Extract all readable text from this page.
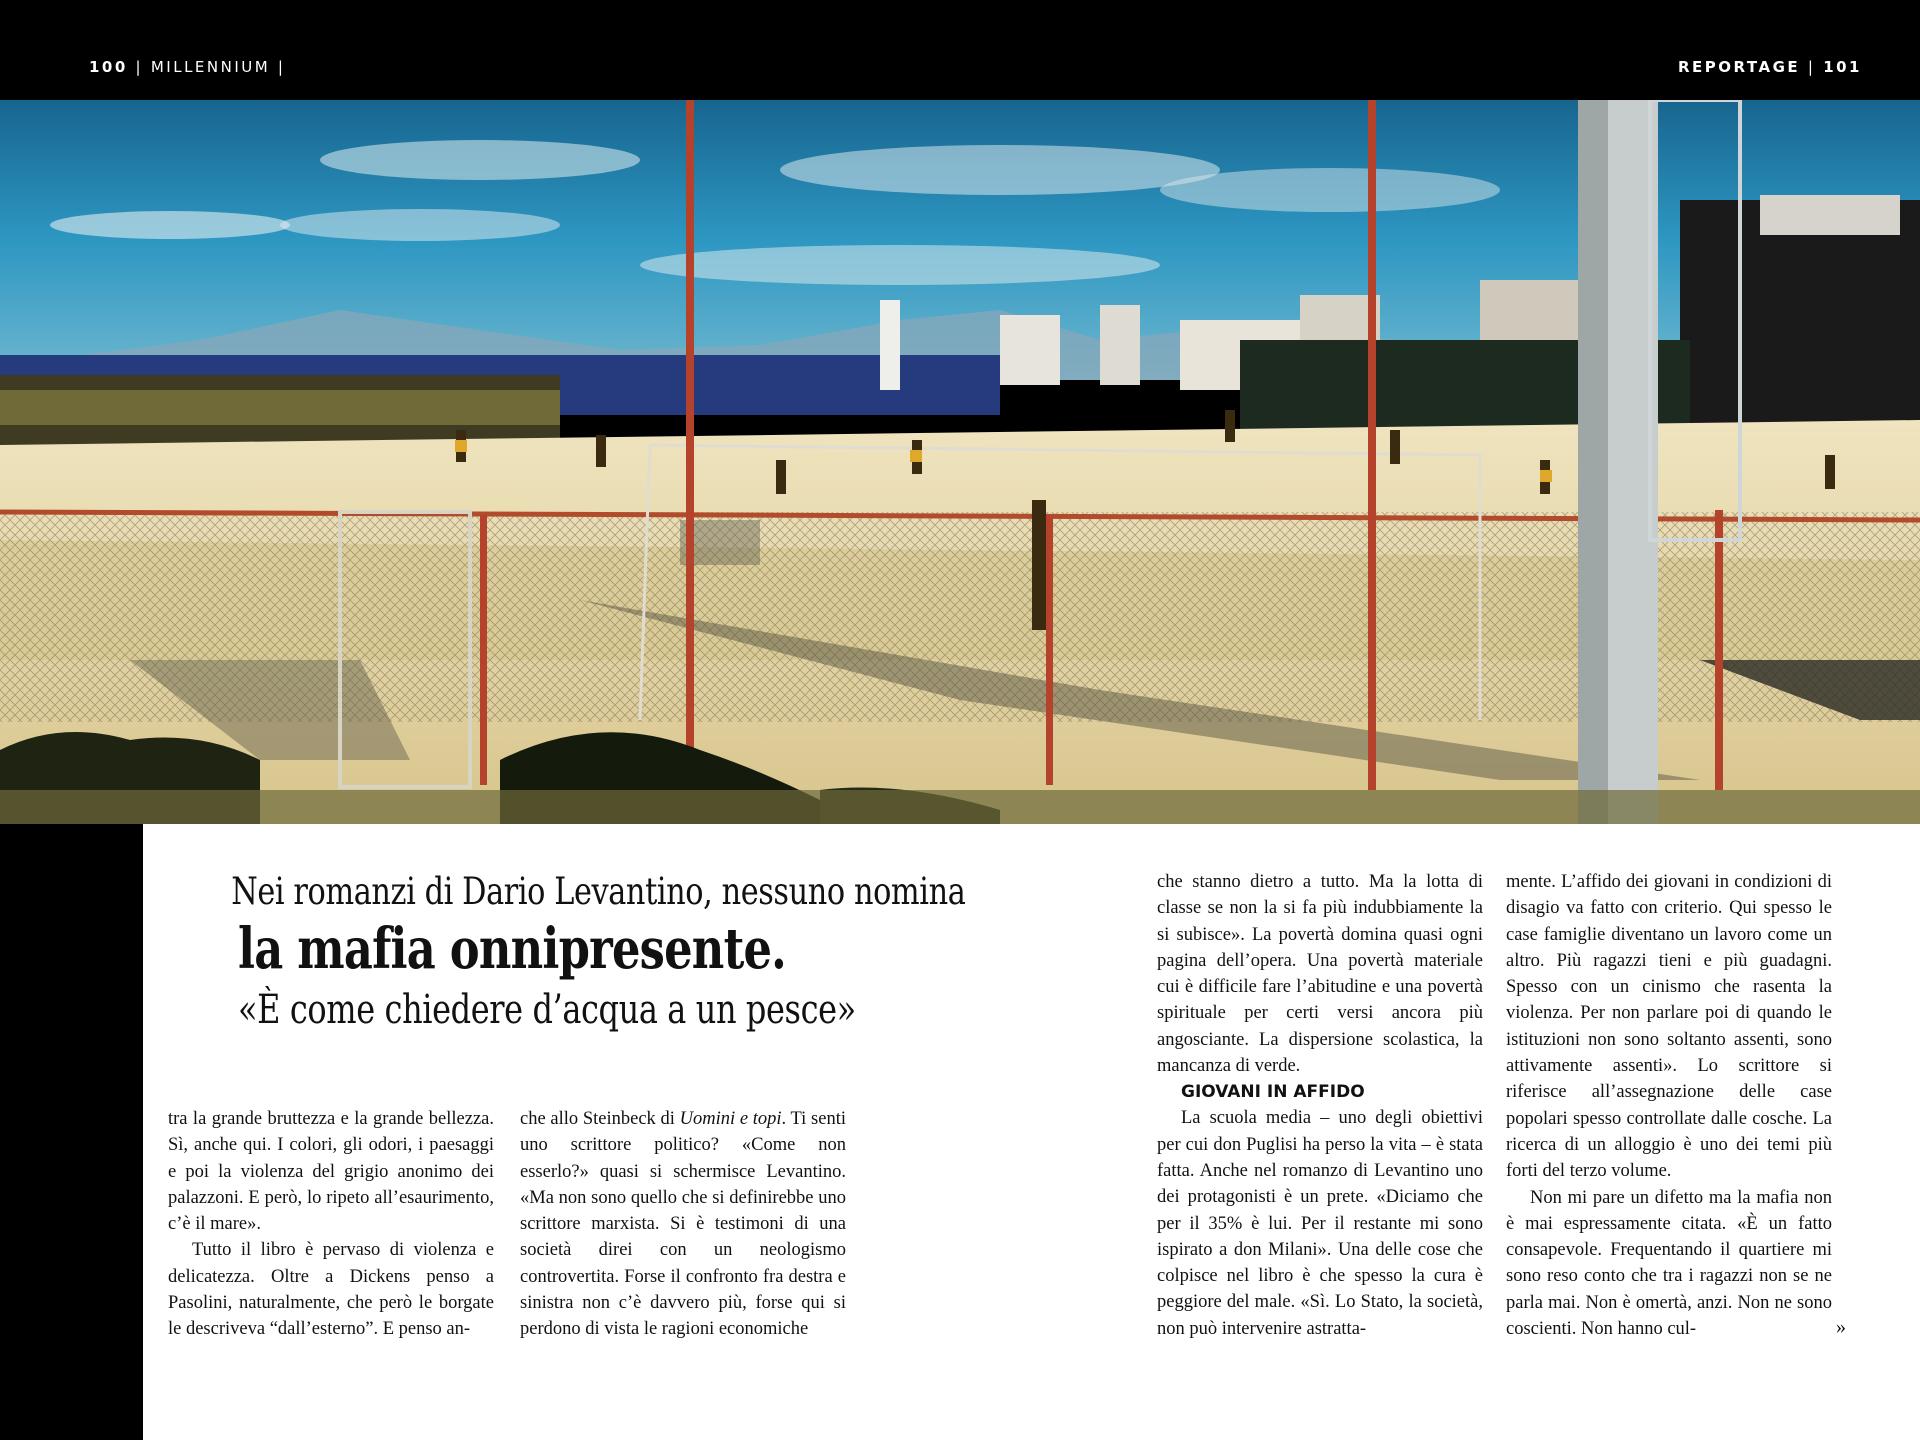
100 | MILLENNIUM |	REPORTAGE | 101
Nei romanzi di Dario Levantino, nessuno nomina
la mafia onnipresente.
«È come chiedere d’acqua a un pesce»

tra la grande bruttezza e la grande bellezza. Sì, anche qui. I colori, gli odori, i paesaggi e poi la violenza del grigio anonimo dei palazzoni. E però, lo ripeto all’esaurimento, c’è il mare».

Tutto il libro è pervaso di violenza e delicatezza. Oltre a Dickens penso a Pasolini, naturalmente, che però le borgate le descriveva “dall’esterno”. E penso an-

che allo Steinbeck di Uomini e topi. Ti senti uno scrittore politico? «Come non esserlo?» quasi si schermisce Levantino. «Ma non sono quello che si definirebbe uno scrittore marxista. Si è testimoni di una società direi con un neologismo controvertita. Forse il confronto fra destra e sinistra non c’è davvero più, forse qui si perdono di vista le ragioni economiche

che stanno dietro a tutto. Ma la lotta di classe se non la si fa più indubbiamente la si subisce». La povertà domina quasi ogni pagina dell’opera. Una povertà materiale cui è difficile fare l’abitudine e una povertà spirituale per certi versi ancora più angosciante. La dispersione scolastica, la mancanza di verde.

GIOVANI IN AFFIDO

La scuola media – uno degli obiettivi per cui don Puglisi ha perso la vita – è stata fatta. Anche nel romanzo di Levantino uno dei protagonisti è un prete. «Diciamo che per il 35% è lui. Per il restante mi sono ispirato a don Milani». Una delle cose che colpisce nel libro è che spesso la cura è peggiore del male. «Sì. Lo Stato, la società, non può intervenire astratta-

mente. L’affido dei giovani in condizioni di disagio va fatto con criterio. Qui spesso le case famiglie diventano un lavoro come un altro. Più ragazzi tieni e più guadagni. Spesso con un cinismo che rasenta la violenza. Per non parlare poi di quando le istituzioni non sono soltanto assenti, sono attivamente assenti». Lo scrittore si riferisce all’assegnazione delle case popolari spesso controllate dalle cosche. La ricerca di un alloggio è uno dei temi più forti del terzo volume.

Non mi pare un difetto ma la mafia non è mai espressamente citata. «È un fatto consapevole. Frequentando il quartiere mi sono reso conto che tra i ragazzi non se ne parla mai. Non è omertà, anzi. Non ne sono coscienti. Non hanno cul-	»
